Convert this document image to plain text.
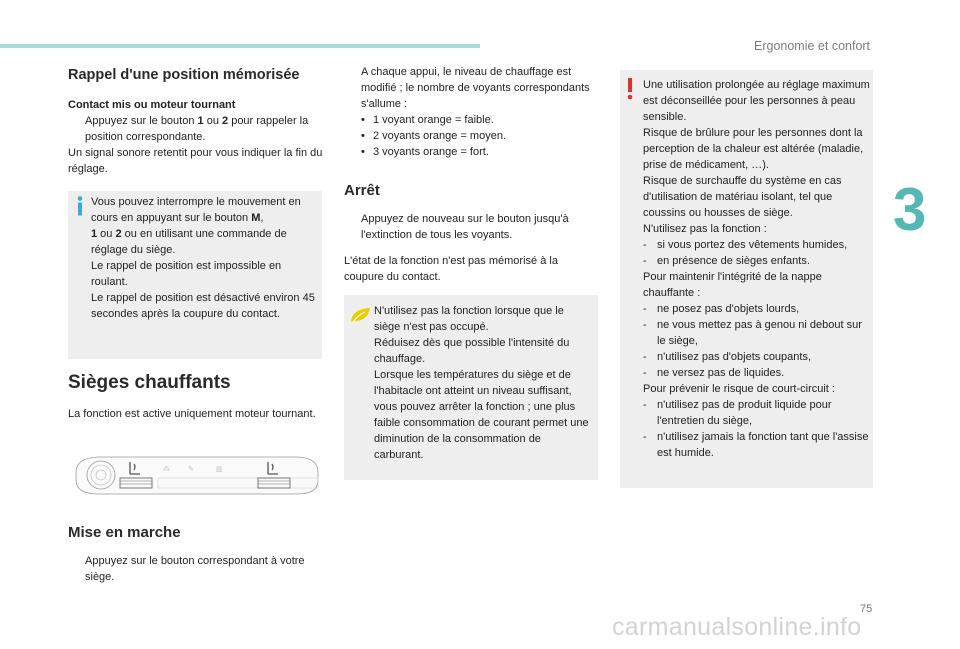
Ergonomie et confort
3
Rappel d'une position mémorisée

Contact mis ou moteur tournant

Appuyez sur le bouton 1 ou 2 pour rappeler la position correspondante.

Un signal sonore retentit pour vous indiquer la fin du réglage.

Vous pouvez interrompre le mouvement en cours en appuyant sur le bouton M,
1 ou 2 ou en utilisant une commande de réglage du siège.

Le rappel de position est impossible en roulant.

Le rappel de position est désactivé environ 45 secondes après la coupure du contact.

Sièges chauffants

La fonction est active uniquement moteur tournant.

⁂	✎	▥
Mise en marche

Appuyez sur le bouton correspondant à votre siège.

A chaque appui, le niveau de chauffage est modifié ; le nombre de voyants correspondants s'allume :

• 1 voyant orange = faible.
• 2 voyants orange = moyen.
• 3 voyants orange = fort.
Arrêt

Appuyez de nouveau sur le bouton jusqu'à l'extinction de tous les voyants.

L'état de la fonction n'est pas mémorisé à la coupure du contact.

N'utilisez pas la fonction lorsque que le siège n'est pas occupé.

Réduisez dès que possible l'intensité du chauffage.

Lorsque les températures du siège et de l'habitacle ont atteint un niveau suffisant, vous pouvez arrêter la fonction ; une plus faible consommation de courant permet une diminution de la consommation de carburant.

Une utilisation prolongée au réglage maximum est déconseillée pour les personnes à peau sensible.

Risque de brûlure pour les personnes dont la perception de la chaleur est altérée (maladie, prise de médicament, …).

Risque de surchauffe du système en cas d'utilisation de matériau isolant, tel que coussins ou housses de siège.

N'utilisez pas la fonction :

- si vous portez des vêtements humides,
- en présence de sièges enfants.

Pour maintenir l'intégrité de la nappe chauffante :

- ne posez pas d'objets lourds,
- ne vous mettez pas à genou ni debout sur le siège,
- n'utilisez pas d'objets coupants,
- ne versez pas de liquides.

Pour prévenir le risque de court-circuit :

- n'utilisez pas de produit liquide pour l'entretien du siège,
- n'utilisez jamais la fonction tant que l'assise est humide.
75
carmanualsonline.info
